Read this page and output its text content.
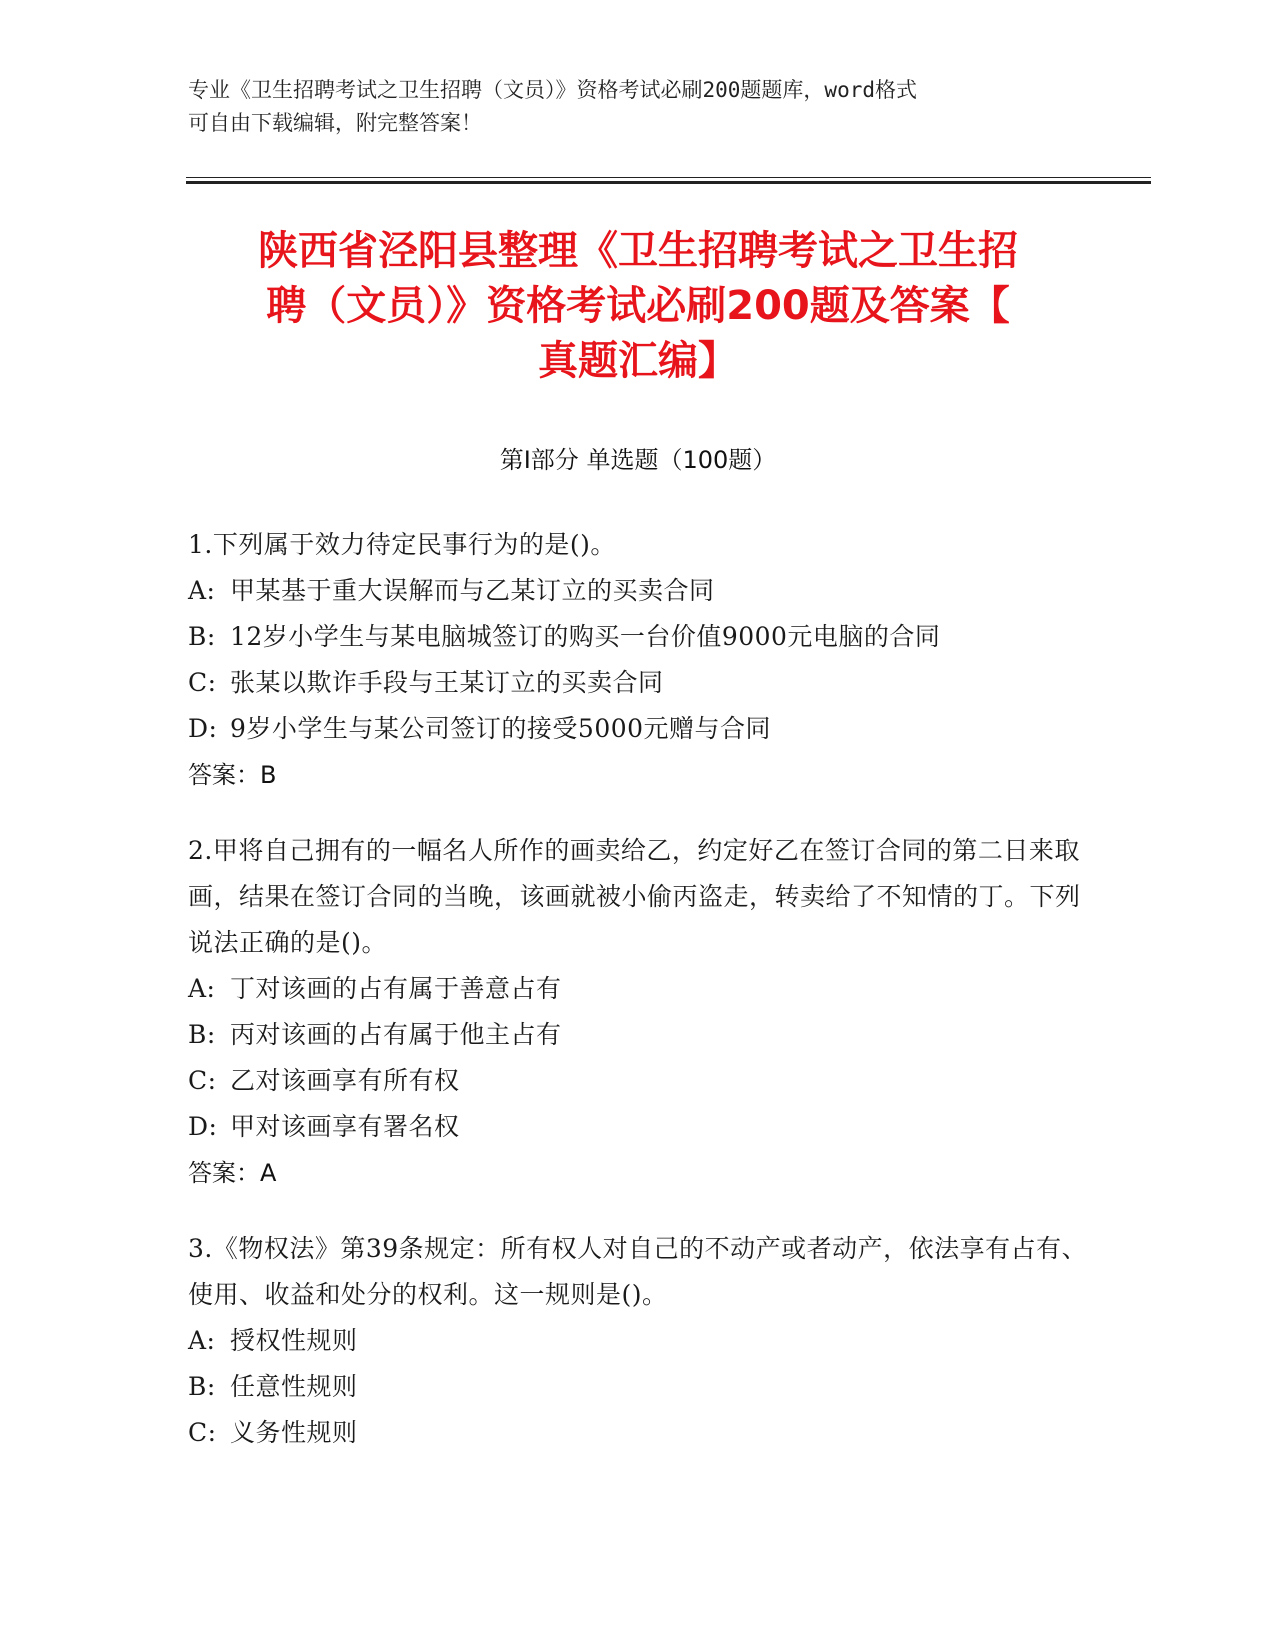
专业《卫生招聘考试之卫生招聘（文员）》资格考试必刷200题题库，word格式

可自由下载编辑，附完整答案！

陕西省泾阳县整理《卫生招聘考试之卫生招
聘（文员）》资格考试必刷200题及答案【
真题汇编】
第Ⅰ部分 单选题（100题）

1.下列属于效力待定民事行为的是()。

A: 甲某基于重大误解而与乙某订立的买卖合同
B: 12岁小学生与某电脑城签订的购买一台价值9000元电脑的合同
C: 张某以欺诈手段与王某订立的买卖合同
D: 9岁小学生与某公司签订的接受5000元赠与合同

答案：B

2.甲将自己拥有的一幅名人所作的画卖给乙，约定好乙在签订合同的第二日来取画，结果在签订合同的当晚，该画就被小偷丙盗走，转卖给了不知情的丁。下列说法正确的是()。

A: 丁对该画的占有属于善意占有
B: 丙对该画的占有属于他主占有
C: 乙对该画享有所有权
D: 甲对该画享有署名权

答案：A

3.《物权法》第39条规定：所有权人对自己的不动产或者动产，依法享有占有、使用、收益和处分的权利。这一规则是()。

A: 授权性规则
B: 任意性规则
C: 义务性规则
